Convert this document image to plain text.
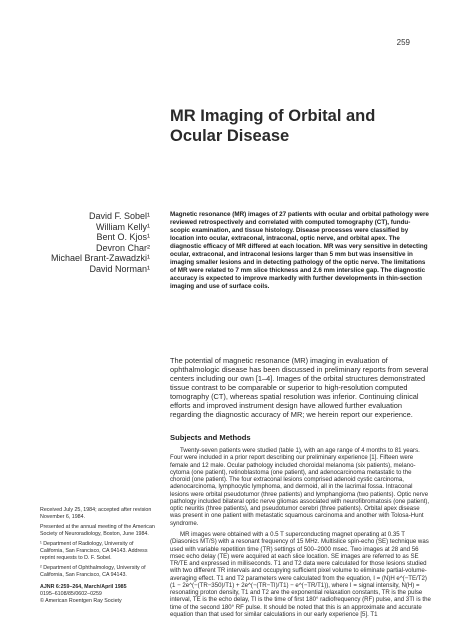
259
MR Imaging of Orbital and Ocular Disease
David F. Sobel¹
William Kelly¹
Bent O. Kjos¹
Devron Char²
Michael Brant-Zawadzki¹
David Norman¹
Magnetic resonance (MR) images of 27 patients with ocular and orbital pathology were reviewed retrospectively and correlated with computed tomography (CT), fundu-scopic examination, and tissue histology. Disease processes were classified by location into ocular, extraconal, intraconal, optic nerve, and orbital apex. The diagnostic efficacy of MR differed at each location. MR was very sensitive in detecting ocular, extraconal, and intraconal lesions larger than 5 mm but was insensitive in imaging smaller lesions and in detecting pathology of the optic nerve. The limitations of MR were related to 7 mm slice thickness and 2.6 mm interslice gap. The diagnostic accuracy is expected to improve markedly with further developments in thin-section imaging and use of surface coils.
The potential of magnetic resonance (MR) imaging in evaluation of ophthalmologic disease has been discussed in preliminary reports from several centers including our own [1–4]. Images of the orbital structures demonstrated tissue contrast to be comparable or superior to high-resolution computed tomography (CT), whereas spatial resolution was inferior. Continuing clinical efforts and improved instrument design have allowed further evaluation regarding the diagnostic accuracy of MR; we herein report our experience.
Subjects and Methods
Twenty-seven patients were studied (table 1), with an age range of 4 months to 81 years. Four were included in a prior report describing our preliminary experience [1]. Fifteen were female and 12 male. Ocular pathology included choroidal melanoma (six patients), melano-cytoma (one patient), retinoblastoma (one patient), and adenocarcinoma metastatic to the choroid (one patient). The four extraconal lesions comprised adenoid cystic carcinoma, adenocarcinoma, lymphocytic lymphoma, and dermoid, all in the lacrimal fossa. Intraconal lesions were orbital pseudotumor (three patients) and lymphangioma (two patients). Optic nerve pathology included bilateral optic nerve gliomas associated with neurofibromatosis (one patient), optic neuritis (three patients), and pseudotumor cerebri (three patients). Orbital apex disease was present in one patient with metastatic squamous carcinoma and another with Tolosa-Hunt syndrome.
MR images were obtained with a 0.5 T superconducting magnet operating at 0.35 T (Diasonics MT/S) with a resonant frequency of 15 MHz. Multislice spin-echo (SE) technique was used with variable repetition time (TR) settings of 500–2000 msec. Two images at 28 and 56 msec echo delay (TE) were acquired at each slice location. SE images are referred to as SE TR/TE and expressed in milliseconds. T1 and T2 data were calculated for those lesions studied with two different TR intervals and occupying sufficient pixel volume to eliminate partial-volume-averaging effect. T1 and T2 parameters were calculated from the equation, I = (N)H e^(−TE/T2) (1 − 2e^(−(TR−350)/T1) + 2e^(−(TR−TI)/T1) − e^(−TR/T1)), where I = signal intensity, N(H) = resonating proton density, T1 and T2 are the exponential relaxation constants, TR is the pulse interval, TE is the echo delay, TI is the time of first 180° radiofrequency (RF) pulse, and 3TI is the time of the second 180° RF pulse. It should be noted that this is an approximate and accurate equation than that used for similar calculations in our early experience [5]. T1

Received July 25, 1984; accepted after revision November 6, 1984.

Presented at the annual meeting of the American Society of Neuroradiology, Boston, June 1984.

¹ Department of Radiology, University of California, San Francisco, CA 94143. Address reprint requests to D. F. Sobel.

² Department of Ophthalmology, University of California, San Francisco, CA 94143.

AJNR 6:259–264, March/April 1985
0195–6108/85/0602–0259
© American Roentgen Ray Society
